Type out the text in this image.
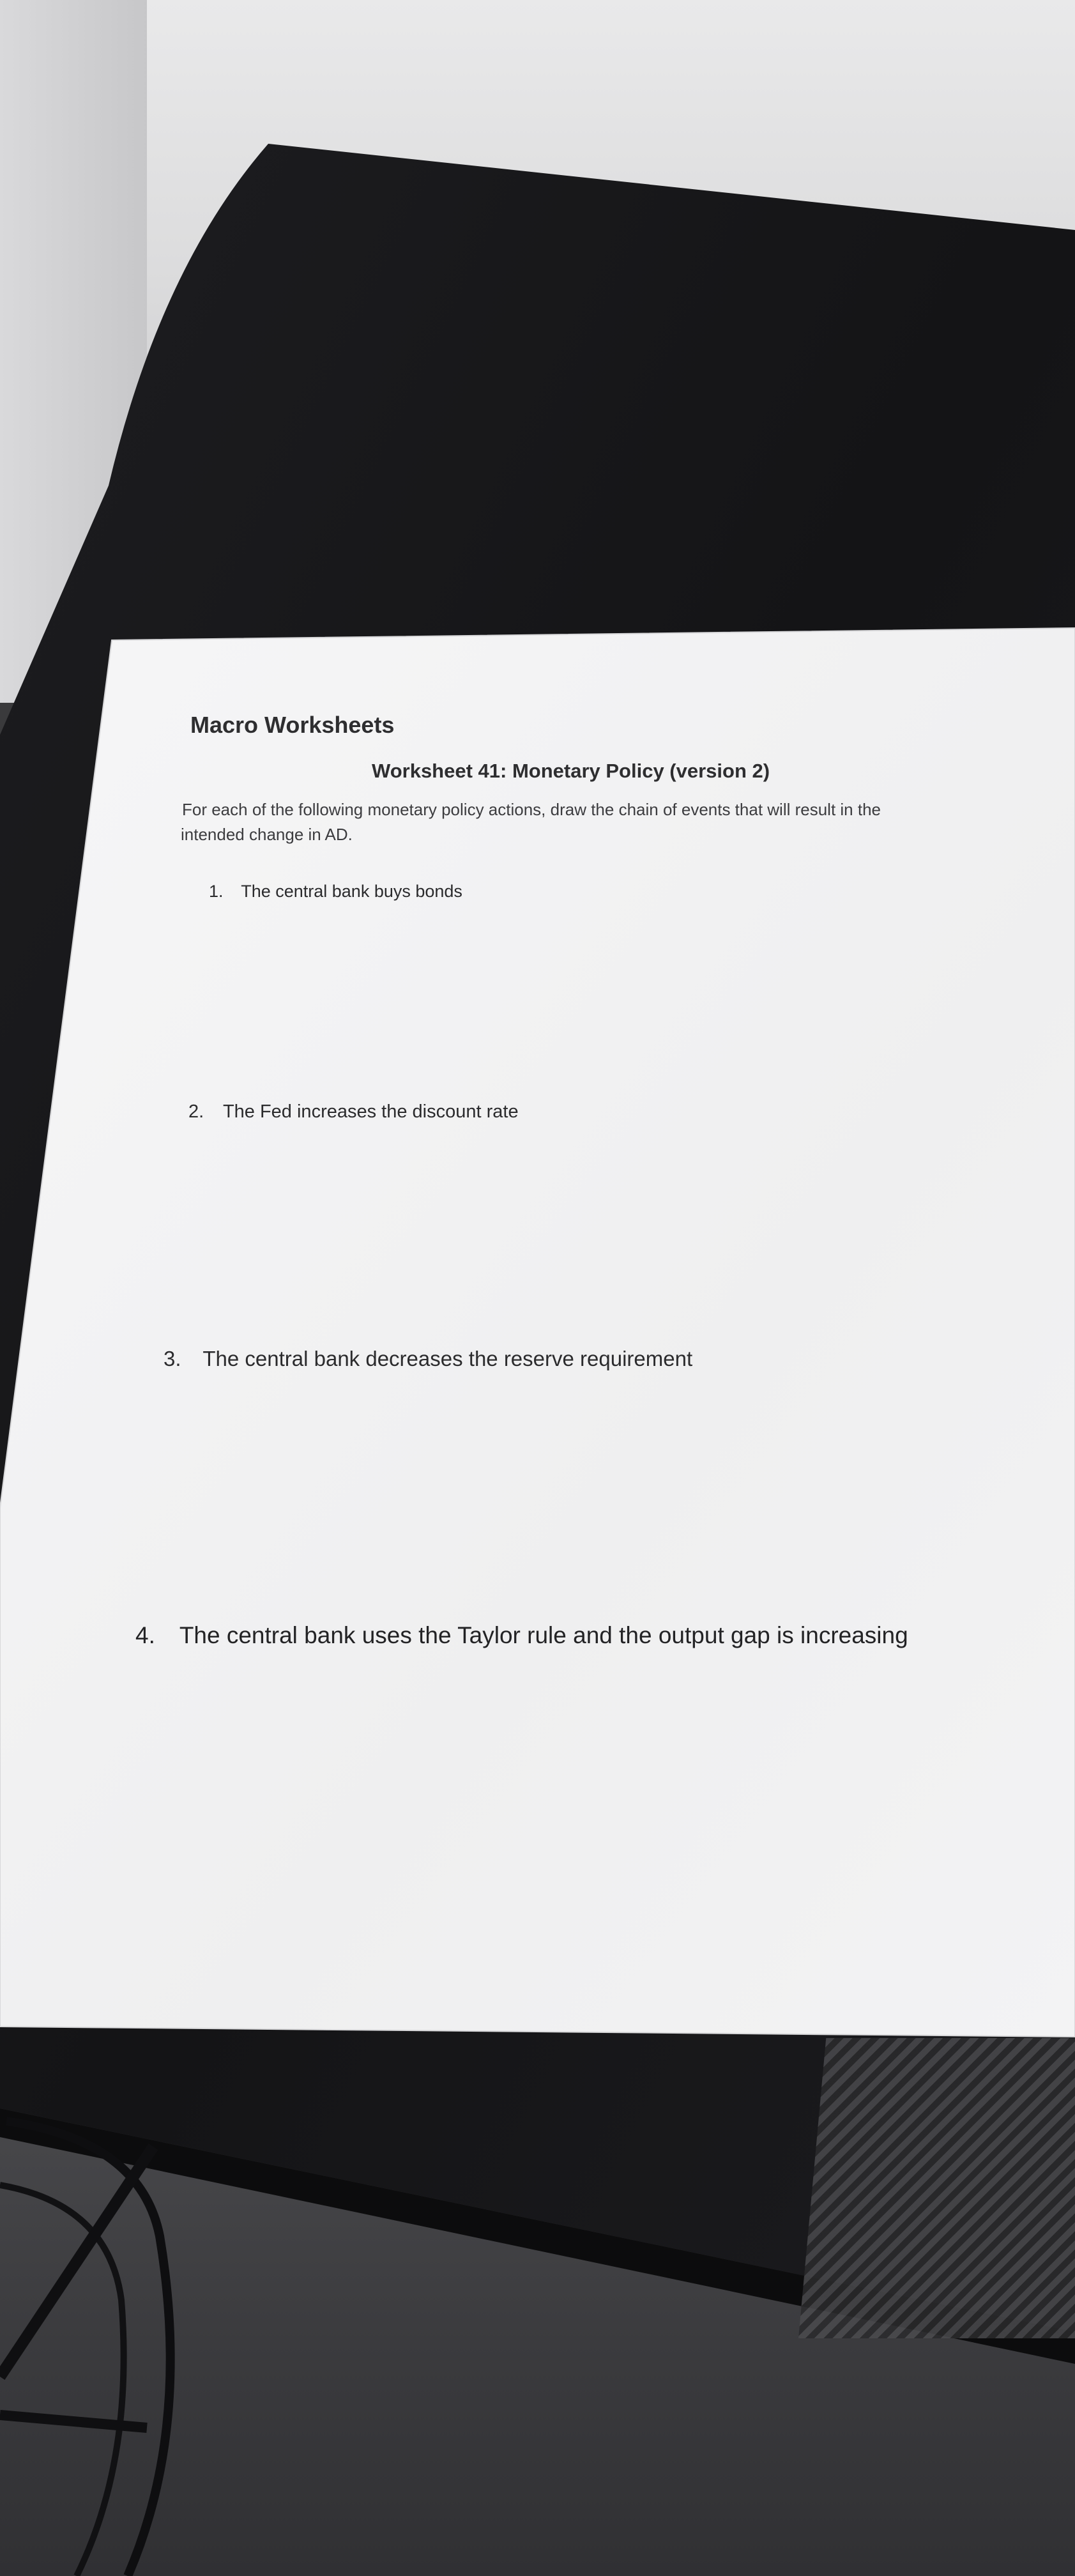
Macro Worksheets
Worksheet 41: Monetary Policy (version 2)
For each of the following monetary policy actions, draw the chain of events that will result in the
intended change in AD.
1. The central bank buys bonds
2. The Fed increases the discount rate
3. The central bank decreases the reserve requirement
4. The central bank uses the Taylor rule and the output gap is increasing
